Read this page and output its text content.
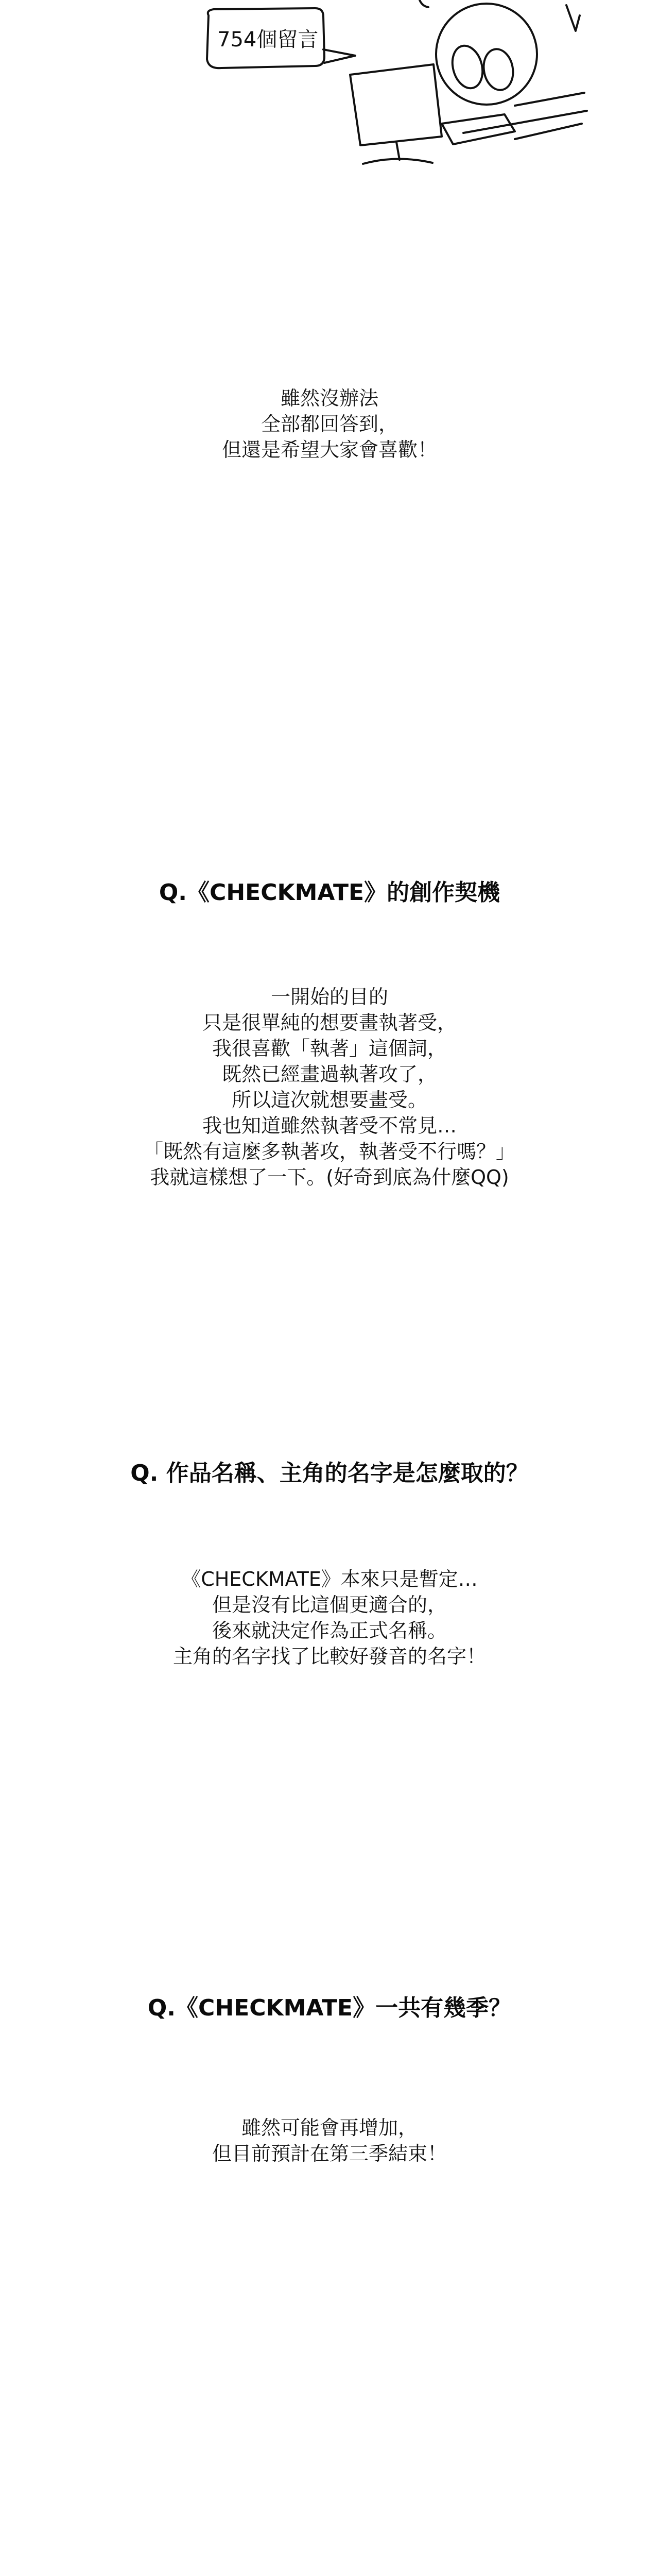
754個留言
雖然沒辦法
全部都回答到，
但還是希望大家會喜歡！
Q.《CHECKMATE》的創作契機
一開始的目的
只是很單純的想要畫執著受，
我很喜歡「執著」這個詞，
既然已經畫過執著攻了，
所以這次就想要畫受。
我也知道雖然執著受不常見…
「既然有這麼多執著攻，執著受不行嗎？」
我就這樣想了一下。(好奇到底為什麼QQ)
Q. 作品名稱、主角的名字是怎麼取的？
《CHECKMATE》本來只是暫定…
但是沒有比這個更適合的，
後來就決定作為正式名稱。
主角的名字找了比較好發音的名字！
Q.《CHECKMATE》一共有幾季？
雖然可能會再增加，
但目前預計在第三季結束！
